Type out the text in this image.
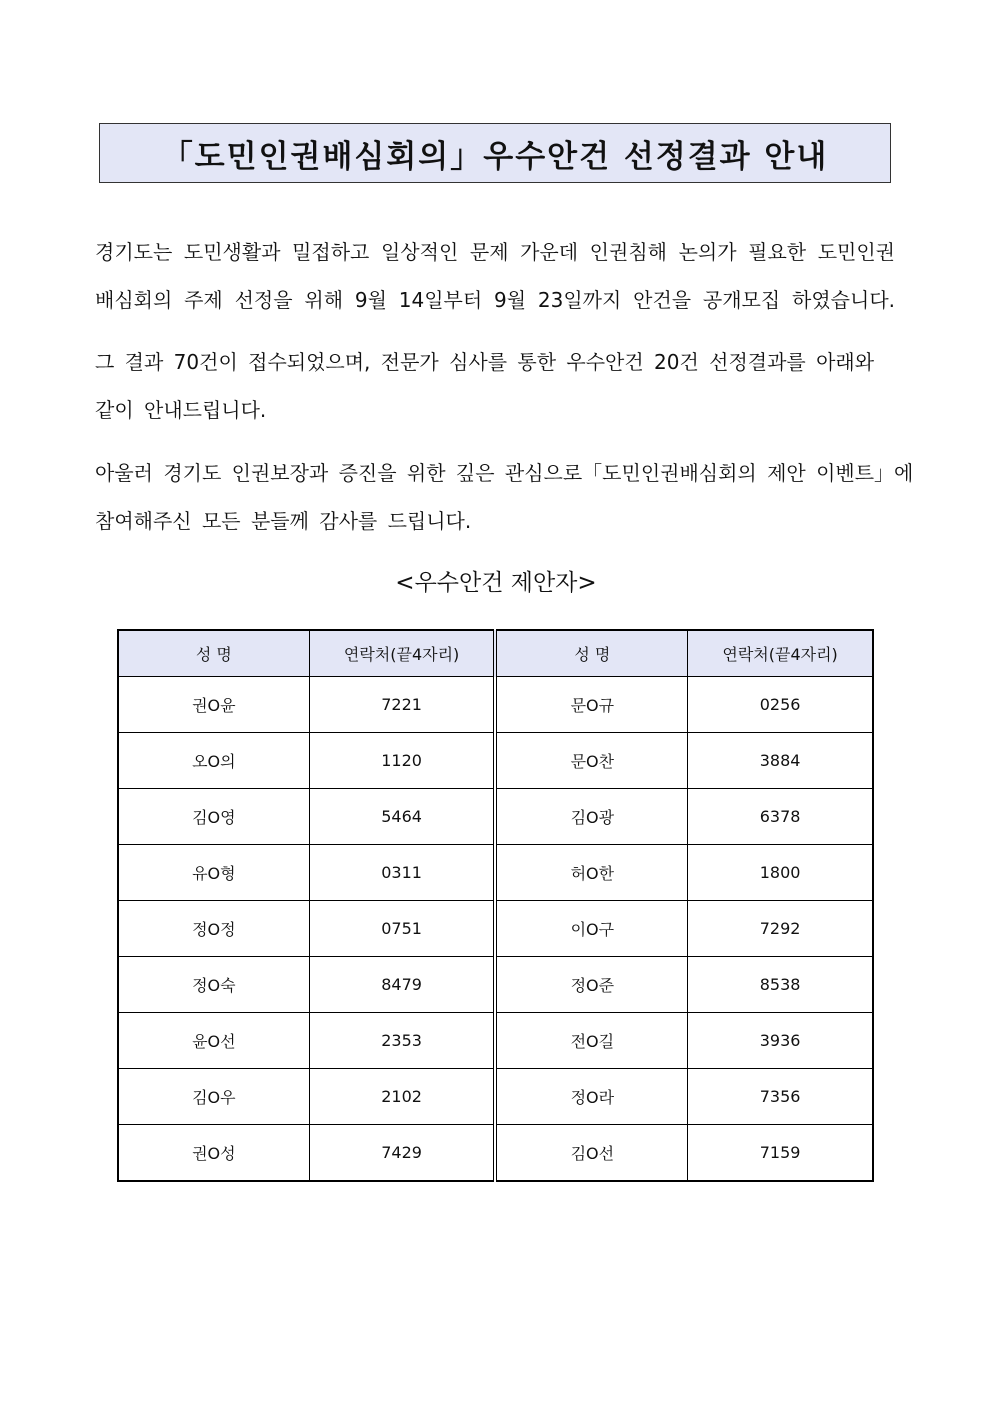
「도민인권배심회의」우수안건 선정결과 안내

경기도는 도민생활과 밀접하고 일상적인 문제 가운데 인권침해 논의가 필요한 도민인권
배심회의 주제 선정을 위해 9월 14일부터 9월 23일까지 안건을 공개모집 하였습니다.

그 결과 70건이 접수되었으며, 전문가 심사를 통한 우수안건 20건 선정결과를 아래와
같이 안내드립니다.

아울러 경기도 인권보장과 증진을 위한 깊은 관심으로「도민인권배심회의 제안 이벤트」에
참여해주신 모든 분들께 감사를 드립니다.

<우수안건 제안자>

성 명	연락처(끝4자리)	성 명	연락처(끝4자리)
권O윤	7221	문O규	0256
오O의	1120	문O찬	3884
김O영	5464	김O광	6378
유O형	0311	허O한	1800
정O정	0751	이O구	7292
정O숙	8479	정O준	8538
윤O선	2353	전O길	3936
김O우	2102	정O라	7356
권O성	7429	김O선	7159
